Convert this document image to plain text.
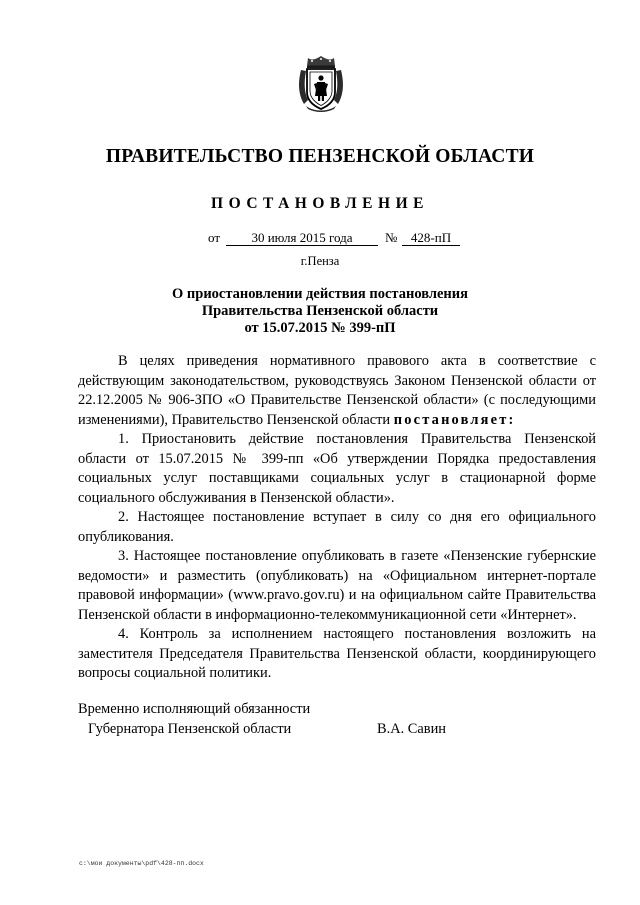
ПРАВИТЕЛЬСТВО ПЕНЗЕНСКОЙ ОБЛАСТИ
ПОСТАНОВЛЕНИЕ
от	30 июля 2015 года	№	428-пП
г.Пенза
О приостановлении действия постановления
Правительства Пензенской области
от 15.07.2015 № 399-пП

В целях приведения нормативного правового акта в соответствие с действующим законодательством, руководствуясь Законом Пензенской области от 22.12.2005 № 906-ЗПО «О Правительстве Пензенской области» (с последующими изменениями), Правительство Пензенской области постановляет:

1. Приостановить действие постановления Правительства Пензенской области от 15.07.2015 № 399-пп «Об утверждении Порядка предоставления социальных услуг поставщиками социальных услуг в стационарной форме социального обслуживания в Пензенской области».

2. Настоящее постановление вступает в силу со дня его официального опубликования.

3. Настоящее постановление опубликовать в газете «Пензенские губернские ведомости» и разместить (опубликовать) на «Официальном интернет-портале правовой информации» (www.pravo.gov.ru) и на официальном сайте Правительства Пензенской области в информационно-телекоммуникационной сети «Интернет».

4. Контроль за исполнением настоящего постановления возложить на заместителя Председателя Правительства Пензенской области, координирующего вопросы социальной политики.

Временно исполняющий обязанности
Губернатора Пензенской области	В.А. Савин
c:\мои документы\pdf\428-пп.docx
